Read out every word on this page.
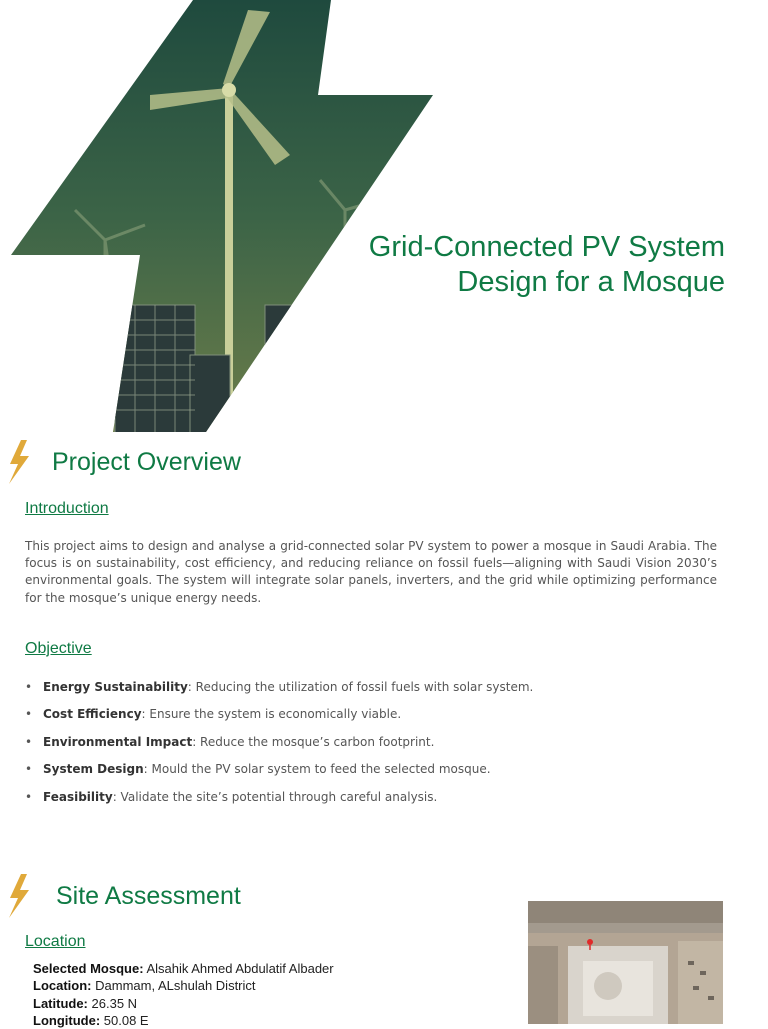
Grid-Connected PV System
Design for a Mosque
Project Overview
Introduction

This project aims to design and analyse a grid-connected solar PV system to power a mosque in Saudi Arabia. The focus is on sustainability, cost efficiency, and reducing reliance on fossil fuels—aligning with Saudi Vision 2030’s environmental goals. The system will integrate solar panels, inverters, and the grid while optimizing performance for the mosque’s unique energy needs.

Objective
• Energy Sustainability: Reducing the utilization of fossil fuels with solar system.
• Cost Efficiency: Ensure the system is economically viable.
• Environmental Impact: Reduce the mosque’s carbon footprint.
• System Design: Mould the PV solar system to feed the selected mosque.
• Feasibility: Validate the site’s potential through careful analysis.
Site Assessment
Location
Selected Mosque: Alsahik Ahmed Abdulatif Albader
Location: Dammam, ALshulah District
Latitude: 26.35 N
Longitude: 50.08 E
